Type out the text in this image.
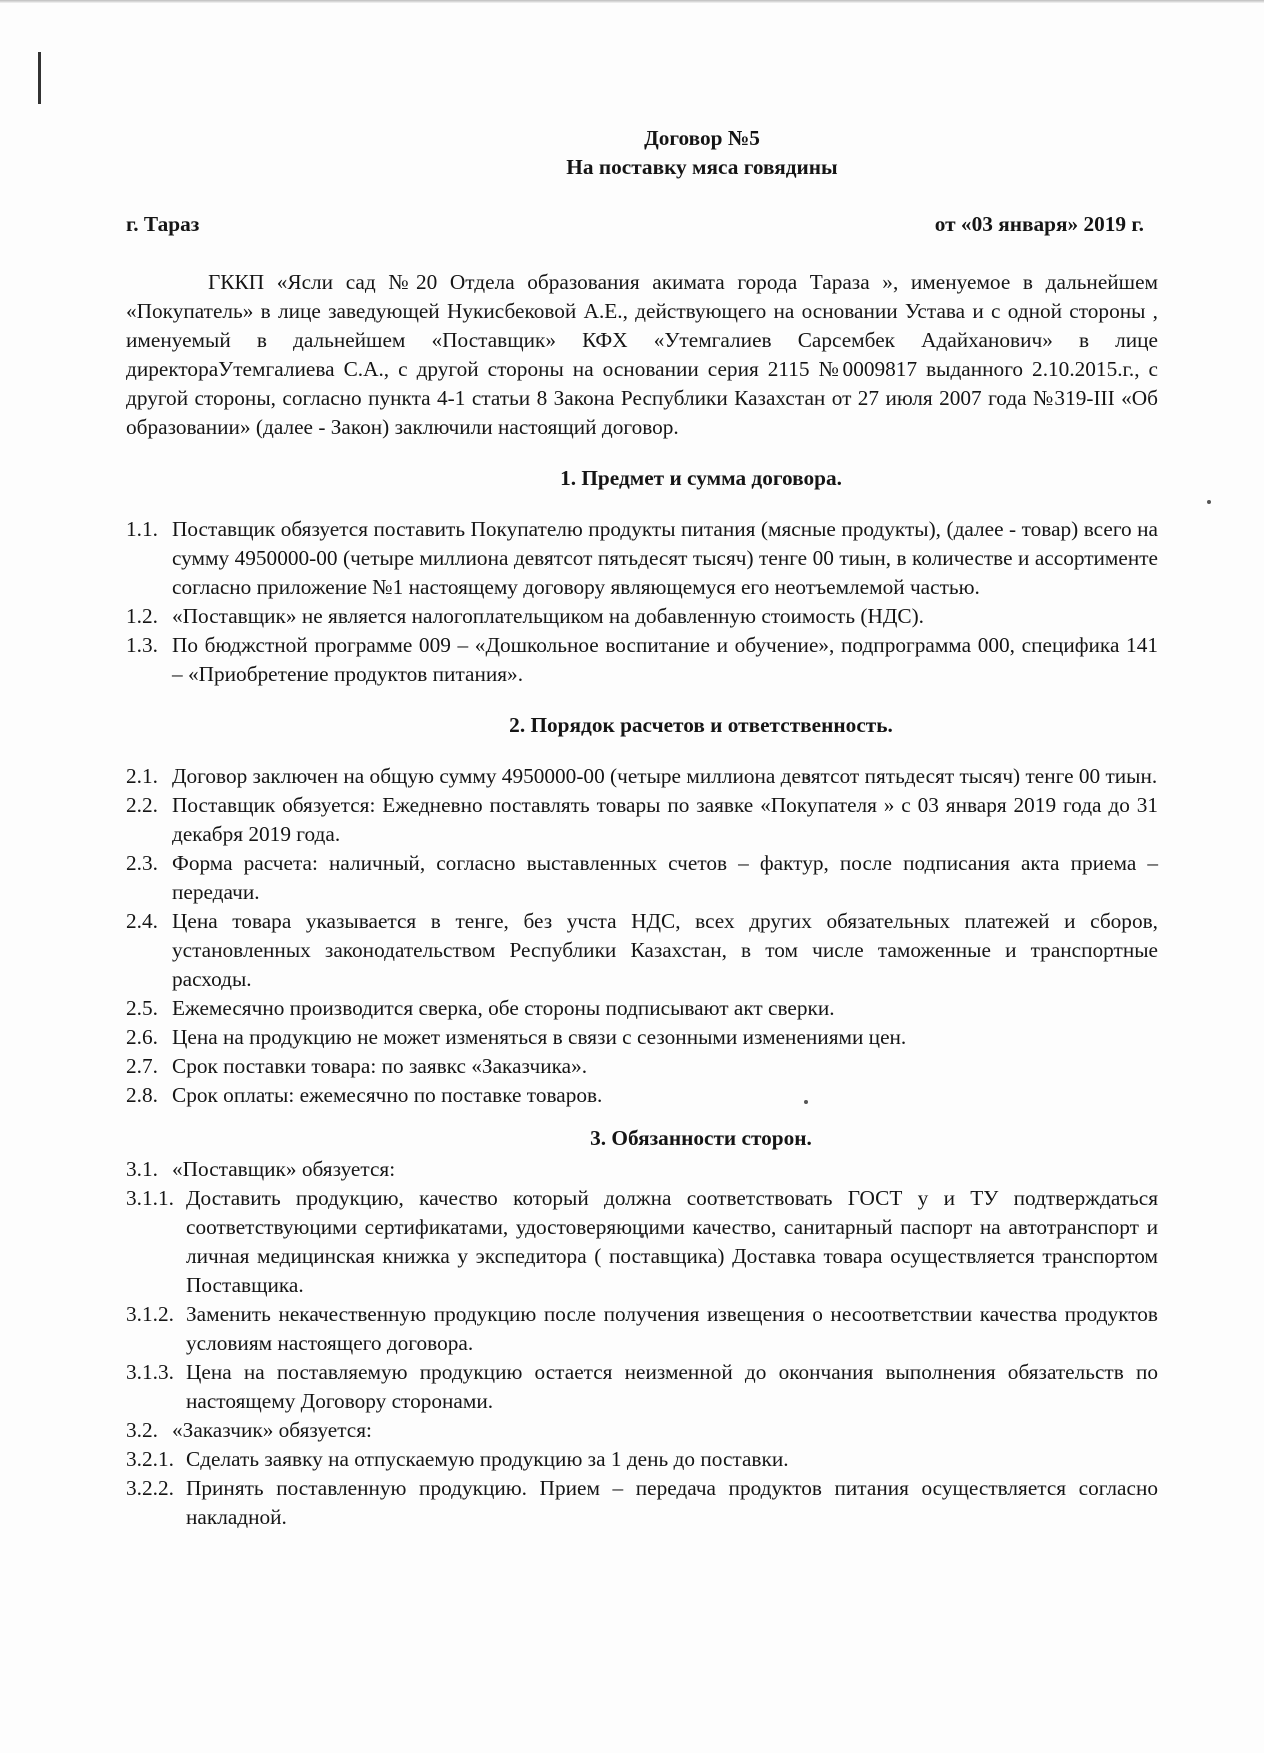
Договор №5
На поставку мяса говядины
г. Тараз	от «03 января» 2019 г.

ГККП «Ясли сад №20 Отдела образования акимата города Тараза », именуемое в дальнейшем «Покупатель» в лице заведующей Нукисбековой А.Е., действующего на основании Устава и с одной стороны , именуемый в дальнейшем «Поставщик» КФХ «Утемгалиев Сарсембек Адайханович» в лице директораУтемгалиева С.А., с другой стороны на основании серия 2115 №0009817 выданного 2.10.2015.г., с другой стороны, согласно пункта 4-1 статьи 8 Закона Республики Казахстан от 27 июля 2007 года №319-III «Об образовании» (далее - Закон) заключили настоящий договор.

1. Предмет и сумма договора.
1.1. Поставщик обязуется поставить Покупателю продукты питания (мясные продукты), (далее - товар) всего на сумму 4950000-00 (четыре миллиона девятсот пятьдесят тысяч) тенге 00 тиын, в количестве и ассортименте согласно приложение №1 настоящему договору являющемуся его неотъемлемой частью.
1.2. «Поставщик» не является налогоплательщиком на добавленную стоимость (НДС).
1.3. По бюджстной программе 009 – «Дошкольное воспитание и обучение», подпрограмма 000, специфика 141 – «Приобретение продуктов питания».
2. Порядок расчетов и ответственность.
2.1. Договор заключен на общую сумму 4950000-00 (четыре миллиона девятсот пятьдесят тысяч) тенге 00 тиын.
2.2. Поставщик обязуется: Ежедневно поставлять товары по заявке «Покупателя » с 03 января 2019 года до 31 декабря 2019 года.
2.3. Форма расчета: наличный, согласно выставленных счетов – фактур, после подписания акта приема – передачи.
2.4. Цена товара указывается в тенге, без учста НДС, всех других обязательных платежей и сборов, установленных законодательством Республики Казахстан, в том числе таможенные и транспортные расходы.
2.5. Ежемесячно производится сверка, обе стороны подписывают акт сверки.
2.6. Цена на продукцию не может изменяться в связи с сезонными изменениями цен.
2.7. Срок поставки товара: по заявкс «Заказчика».
2.8. Срок оплаты: ежемесячно по поставке товаров.
3. Обязанности сторон.
3.1. «Поставщик» обязуется:
3.1.1. Доставить продукцию, качество который должна соответствовать ГОСТ у и ТУ подтверждаться соответствуюцими сертификатами, удостоверяющими качество, санитарный паспорт на автотранспорт и личная медицинская книжка у экспедитора ( поставщика) Доставка товара осуществляется транспортом Поставщика.
3.1.2. Заменить некачественную продукцию после получения извещения о несоответствии качества продуктов условиям настоящего договора.
3.1.3. Цена на поставляемую продукцию остается неизменной до окончания выполнения обязательств по настоящему Договору сторонами.
3.2. «Заказчик» обязуется:
3.2.1. Сделать заявку на отпускаемую продукцию за 1 день до поставки.
3.2.2. Принять поставленную продукцию. Прием – передача продуктов питания осуществляется согласно накладной.
